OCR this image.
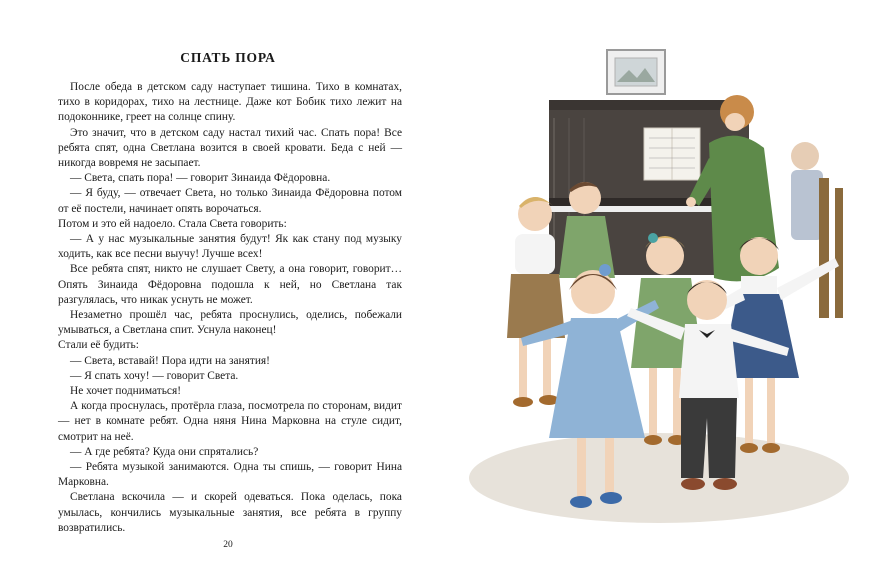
СПАТЬ ПОРА

После обеда в детском саду наступает тишина. Тихо в комнатах, тихо в коридорах, тихо на лестнице. Даже кот Бобик тихо лежит на подоконнике, греет на солнце спину.

Это значит, что в детском саду настал тихий час. Спать пора! Все ребята спят, одна Светлана возится в своей кровати. Беда с ней — никогда вовремя не засыпает.

— Света, спать пора! — говорит Зинаида Фёдоровна.

— Я буду, — отвечает Света, но только Зинаида Фёдоровна потом от её постели, начинает опять ворочаться.

Потом и это ей надоело. Стала Света говорить:

— А у нас музыкальные занятия будут! Як как стану под музыку ходить, как все песни выучу! Лучше всех!

Все ребята спят, никто не слушает Свету, а она говорит, говорит… Опять Зинаида Фёдоровна подошла к ней, но Светлана так разгулялась, что никак уснуть не может.

Незаметно прошёл час, ребята проснулись, оделись, побежали умываться, а Светлана спит. Уснула наконец!

Стали её будить:

— Света, вставай! Пора идти на занятия!

— Я спать хочу! — говорит Света.

Не хочет подниматься!

А когда проснулась, протёрла глаза, посмотрела по сторонам, видит — нет в комнате ребят. Одна няня Нина Марковна на стуле сидит, смотрит на неё.

— А где ребята? Куда они спрятались?

— Ребята музыкой занимаются. Одна ты спишь, — говорит Нина Марковна.

Светлана вскочила — и скорей одеваться. Пока оделась, пока умылась, кончились музыкальные занятия, все ребята в группу возвратились.

20
